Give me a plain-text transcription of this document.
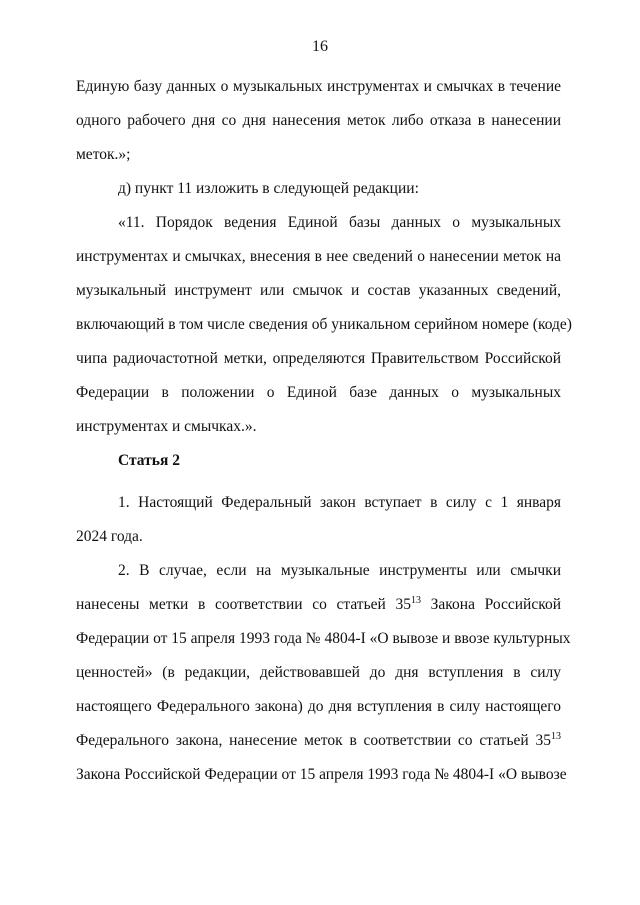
16
Единую базу данных о музыкальных инструментах и смычках в течение
одного рабочего дня со дня нанесения меток либо отказа в нанесении
меток.»;
д) пункт 11 изложить в следующей редакции:
«11. Порядок ведения Единой базы данных о музыкальных
инструментах и смычках, внесения в нее сведений о нанесении меток на
музыкальный инструмент или смычок и состав указанных сведений,
включающий в том числе сведения об уникальном серийном номере (коде)
чипа радиочастотной метки, определяются Правительством Российской
Федерации в положении о Единой базе данных о музыкальных
инструментах и смычках.».
Статья 2
1. Настоящий Федеральный закон вступает в силу с 1 января
2024 года.
2. В случае, если на музыкальные инструменты или смычки
нанесены метки в соответствии со статьей $35^{13}$ Закона Российской
Федерации от 15 апреля 1993 года № 4804-I «О вывозе и ввозе культурных
ценностей» (в редакции, действовавшей до дня вступления в силу
настоящего Федерального закона) до дня вступления в силу настоящего
Федерального закона, нанесение меток в соответствии со статьей $35^{13}$
Закона Российской Федерации от 15 апреля 1993 года № 4804-I «О вывозе
